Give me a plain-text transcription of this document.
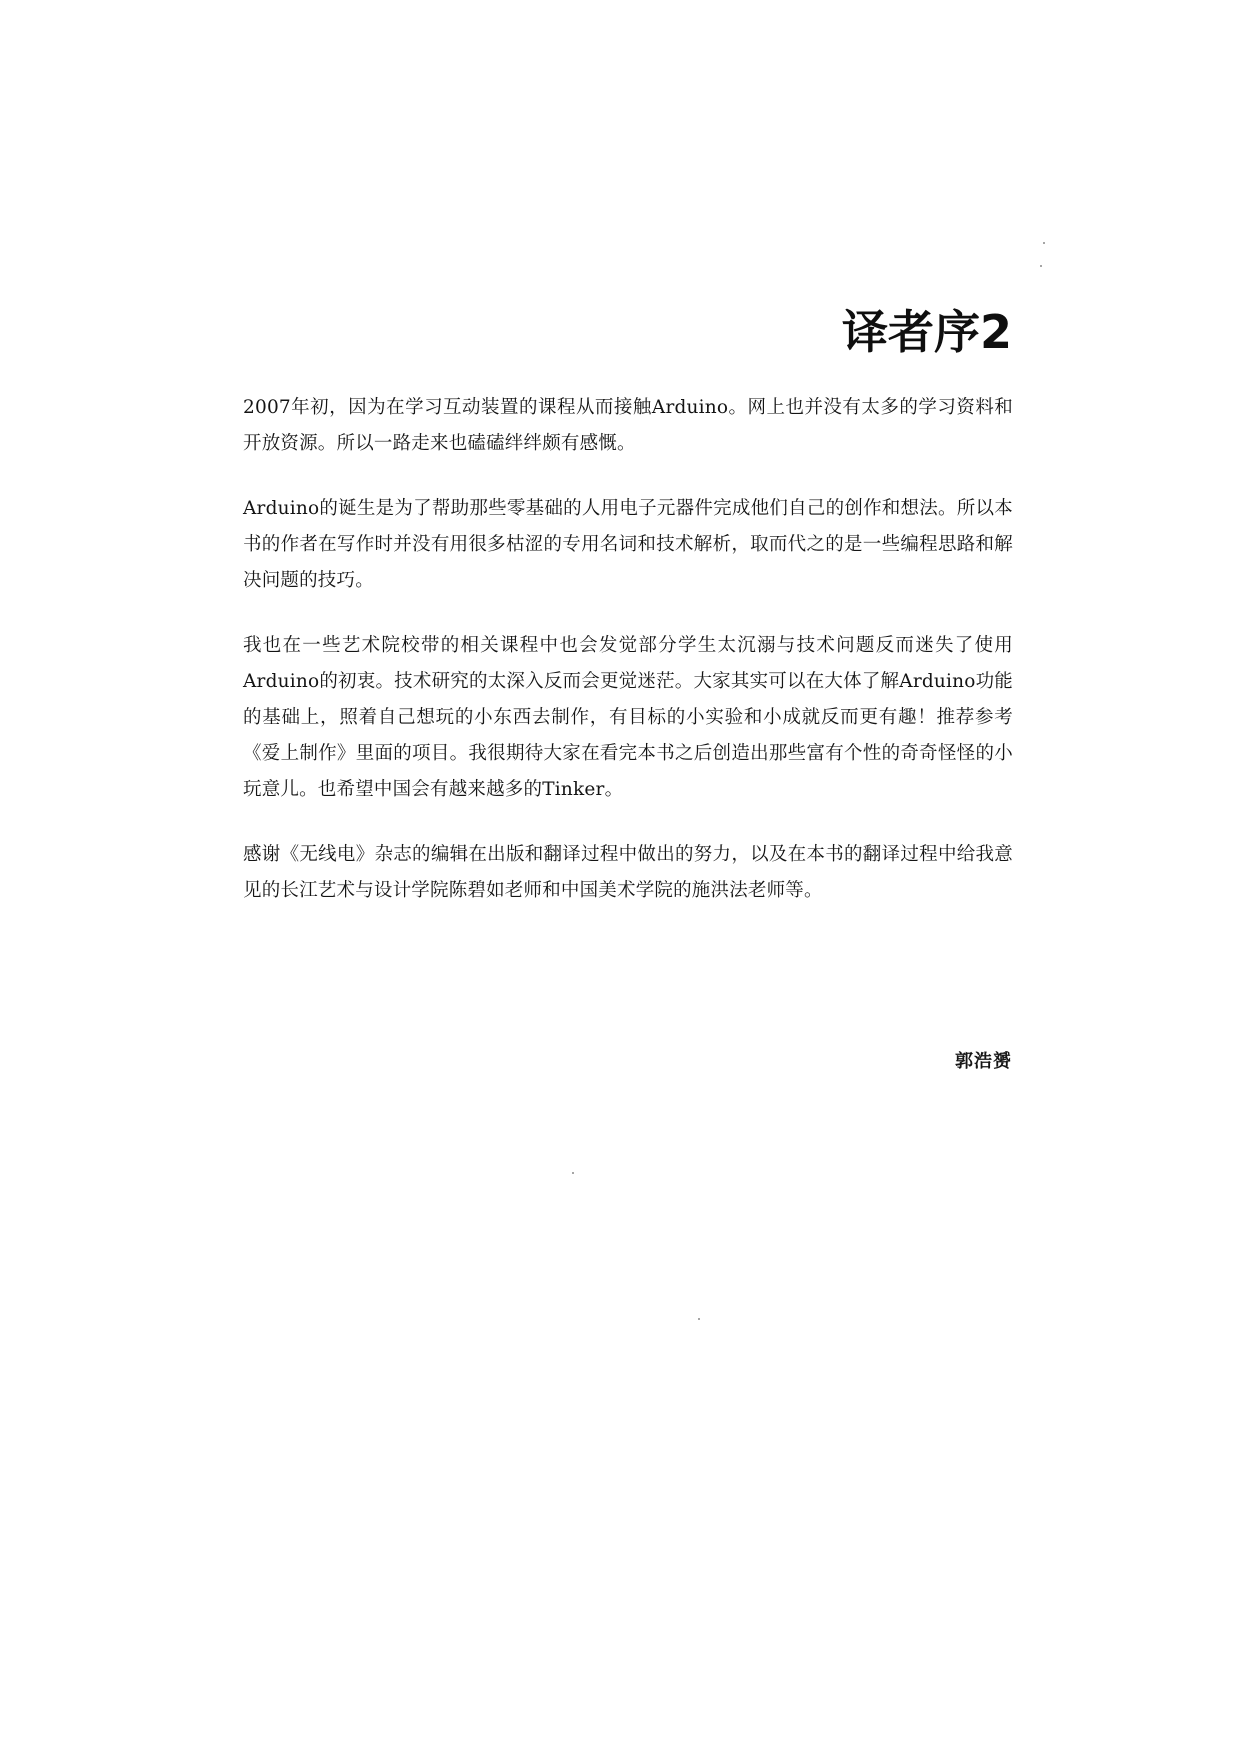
译者序2

2007年初，因为在学习互动装置的课程从而接触Arduino。网上也并没有太多的学习资料和开放资源。所以一路走来也磕磕绊绊颇有感慨。

Arduino的诞生是为了帮助那些零基础的人用电子元器件完成他们自己的创作和想法。所以本书的作者在写作时并没有用很多枯涩的专用名词和技术解析，取而代之的是一些编程思路和解决问题的技巧。

我也在一些艺术院校带的相关课程中也会发觉部分学生太沉溺与技术问题反而迷失了使用Arduino的初衷。技术研究的太深入反而会更觉迷茫。大家其实可以在大体了解Arduino功能的基础上，照着自己想玩的小东西去制作，有目标的小实验和小成就反而更有趣！推荐参考《爱上制作》里面的项目。我很期待大家在看完本书之后创造出那些富有个性的奇奇怪怪的小玩意儿。也希望中国会有越来越多的Tinker。

感谢《无线电》杂志的编辑在出版和翻译过程中做出的努力，以及在本书的翻译过程中给我意见的长江艺术与设计学院陈碧如老师和中国美术学院的施洪法老师等。

郭浩赟
